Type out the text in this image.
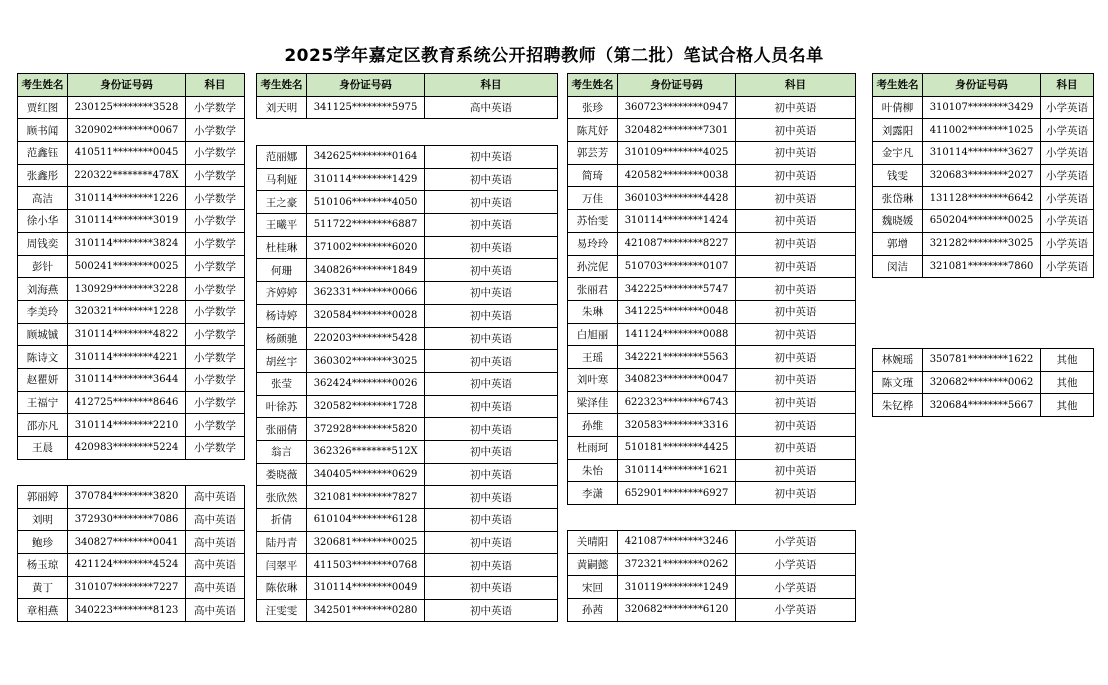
2025学年嘉定区教育系统公开招聘教师（第二批）笔试合格人员名单
考生姓名	身份证号码	科目
贾红图	230125********3528	小学数学
顾书闻	320902********0067	小学数学
范鑫钰	410511********0045	小学数学
张鑫彤	220322********478X	小学数学
高洁	310114********1226	小学数学
徐小华	310114********3019	小学数学
周钱奕	310114********3824	小学数学
彭针	500241********0025	小学数学
刘海燕	130929********3228	小学数学
李美玲	320321********1228	小学数学
顾城铖	310114********4822	小学数学
陈诗文	310114********4221	小学数学
赵瞿妍	310114********3644	小学数学
王福宁	412725********8646	小学数学
邵亦凡	310114********2210	小学数学
王晨	420983********5224	小学数学
郭丽婷	370784********3820	高中英语
刘明	372930********7086	高中英语
鲍珍	340827********0041	高中英语
杨玉琼	421124********4524	高中英语
黄丁	310107********7227	高中英语
章相燕	340223********8123	高中英语
考生姓名	身份证号码	科目
刘天明	341125********5975	高中英语
范丽娜	342625********0164	初中英语
马利娅	310114********1429	初中英语
王之豪	510106********4050	初中英语
王曦平	511722********6887	初中英语
杜桂琳	371002********6020	初中英语
何珊	340826********1849	初中英语
齐婷婷	362331********0066	初中英语
杨诗婷	320584********0028	初中英语
杨颜驰	220203********5428	初中英语
胡丝宇	360302********3025	初中英语
张莹	362424********0026	初中英语
叶徐苏	320582********1728	初中英语
张丽倩	372928********5820	初中英语
翁言	362326********512X	初中英语
娄晓薇	340405********0629	初中英语
张欣然	321081********7827	初中英语
折倩	610104********6128	初中英语
陆丹青	320681********0025	初中英语
闫翠平	411503********0768	初中英语
陈依琳	310114********0049	初中英语
汪雯雯	342501********0280	初中英语
考生姓名	身份证号码	科目
张珍	360723********0947	初中英语
陈芃妤	320482********7301	初中英语
郭芸芳	310109********4025	初中英语
简琦	420582********0038	初中英语
万佳	360103********4428	初中英语
苏怡雯	310114********1424	初中英语
易玲玲	421087********8227	初中英语
孙浣伲	510703********0107	初中英语
张丽君	342225********5747	初中英语
朱琳	341225********0048	初中英语
白旭丽	141124********0088	初中英语
王瑶	342221********5563	初中英语
刘叶寒	340823********0047	初中英语
梁泽佳	622323********6743	初中英语
孙维	320583********3316	初中英语
杜雨珂	510181********4425	初中英语
朱怡	310114********1621	初中英语
李潇	652901********6927	初中英语
关晴阳	421087********3246	小学英语
黄嗣懿	372321********0262	小学英语
宋回	310119********1249	小学英语
孙茜	320682********6120	小学英语
考生姓名	身份证号码	科目
叶倩柳	310107********3429	小学英语
刘露阳	411002********1025	小学英语
金宇凡	310114********3627	小学英语
钱雯	320683********2027	小学英语
张岱琳	131128********6642	小学英语
魏晓媛	650204********0025	小学英语
郭增	321282********3025	小学英语
闵洁	321081********7860	小学英语
林婉瑶	350781********1622	其他
陈文瑾	320682********0062	其他
朱钇桦	320684********5667	其他
